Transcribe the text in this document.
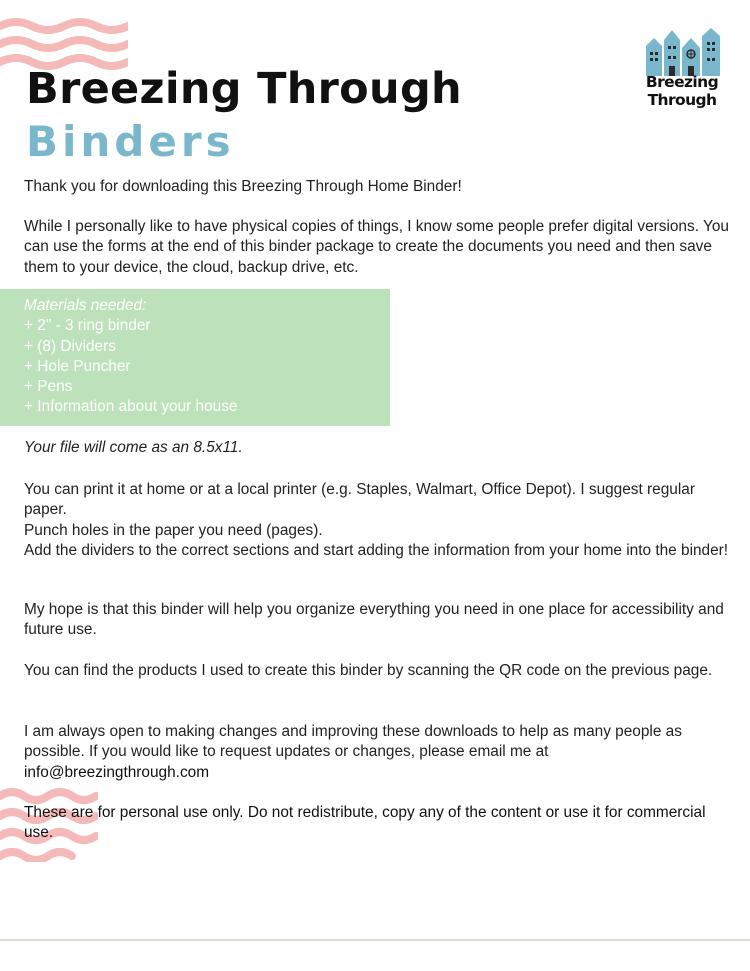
Breezing Through
Binders
Breezing
Through

Thank you for downloading this Breezing Through Home Binder!

While I personally like to have physical copies of things, I know some people prefer digital versions. You can use the forms at the end of this binder package to create the documents you need and then save them to your device, the cloud, backup drive, etc.

Materials needed:
+ 2" - 3 ring binder
+ (8) Dividers
+ Hole Puncher
+ Pens
+ Information about your house

Your file will come as an 8.5x11.

You can print it at home or at a local printer (e.g. Staples, Walmart, Office Depot). I suggest regular paper.
Punch holes in the paper you need (pages).
Add the dividers to the correct sections and start adding the information from your home into the binder!

My hope is that this binder will help you organize everything you need in one place for accessibility and future use.

You can find the products I used to create this binder by scanning the QR code on the previous page.

I am always open to making changes and improving these downloads to help as many people as possible. If you would like to request updates or changes, please email me at
info@breezingthrough.com

These are for personal use only. Do not redistribute, copy any of the content or use it for commercial use.
